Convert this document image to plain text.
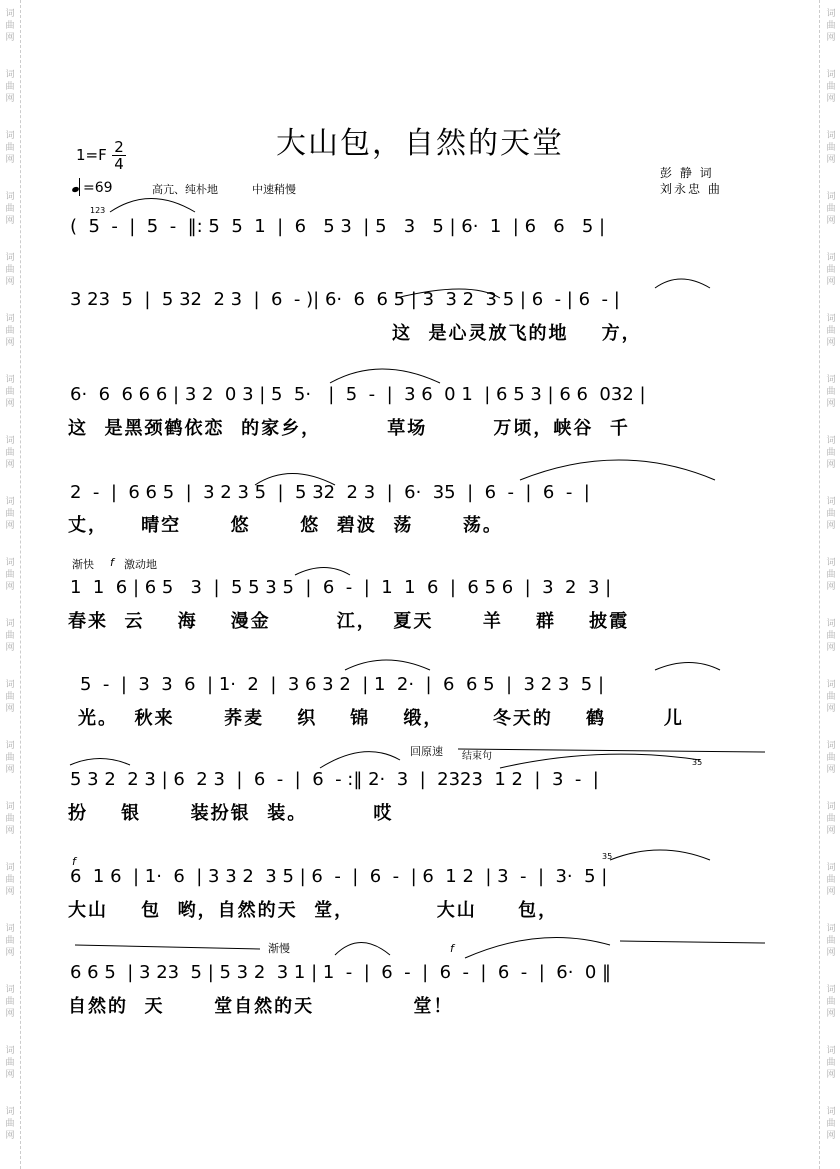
词曲网
词曲网
词曲网
词曲网
词曲网
词曲网
词曲网
词曲网
词曲网
词曲网
词曲网
词曲网
词曲网
词曲网
词曲网
词曲网
词曲网
词曲网
词曲网
词曲网
词曲网
词曲网
词曲网
词曲网
词曲网
词曲网
词曲网
词曲网
词曲网
词曲网
词曲网
词曲网
词曲网
词曲网
词曲网
词曲网
词曲网
词曲网
大山包，自然的天堂
1=F 2
4
=69	高亢、纯朴地	中速稍慢
彭 静 词
刘永忠 曲
123
渐快 f 激动地
回原速 结束句
渐慢
f
f
35
35
(  5  -  |  5  -  ‖: 5  5  1  |  6   5 3  | 5   3   5 | 6·  1  | 6   6   5 |
3 23  5  |  5 32  2 3  |  6  - )| 6·  6  6 5 | 3  3 2  3 5 | 6  - | 6  - |
这  是心灵放飞的地    方，
6·  6  6 6 6 | 3 2  0 3 | 5  5·   |  5  -  |  3 6  0 1  | 6 5 3 | 6 6  032 |
这  是黑颈鹤依恋  的家乡，        草场        万顷，峡谷  千
2  -  |  6 6 5  |  3 2 3 5  |  5 32  2 3  |  6·  35  |  6  -  |  6  -  |
丈，    晴空      悠      悠  碧波  荡      荡。
1  1  6 | 6 5   3  |  5 5 3 5  |  6  -  |  1  1  6  |  6 5 6  |  3  2  3 |
春来  云    海    漫金        江，  夏天      羊    群    披霞
5  -  |  3  3  6  | 1·  2  |  3 6 3 2  | 1  2·  |  6  6 5  |  3 2 3  5 |
光。  秋来      荞麦    织    锦    缎，      冬天的    鹤       儿
5 3 2  2 3 | 6  2 3  |  6  -  |  6  - :‖ 2·  3  |  2323  1 2  |  3  -  |
扮    银      装扮银  装。        哎
6  1 6  | 1·  6  | 3 3 2  3 5 | 6  -  |  6  -  | 6  1 2  | 3  -  |  3·  5 |
大山    包  哟，自然的天  堂，          大山     包，
6 6 5  | 3 23  5 | 5 3 2  3 1 | 1  -  |  6  -  |  6  -  |  6  -  |  6·  0 ‖
自然的  天      堂自然的天            堂！
